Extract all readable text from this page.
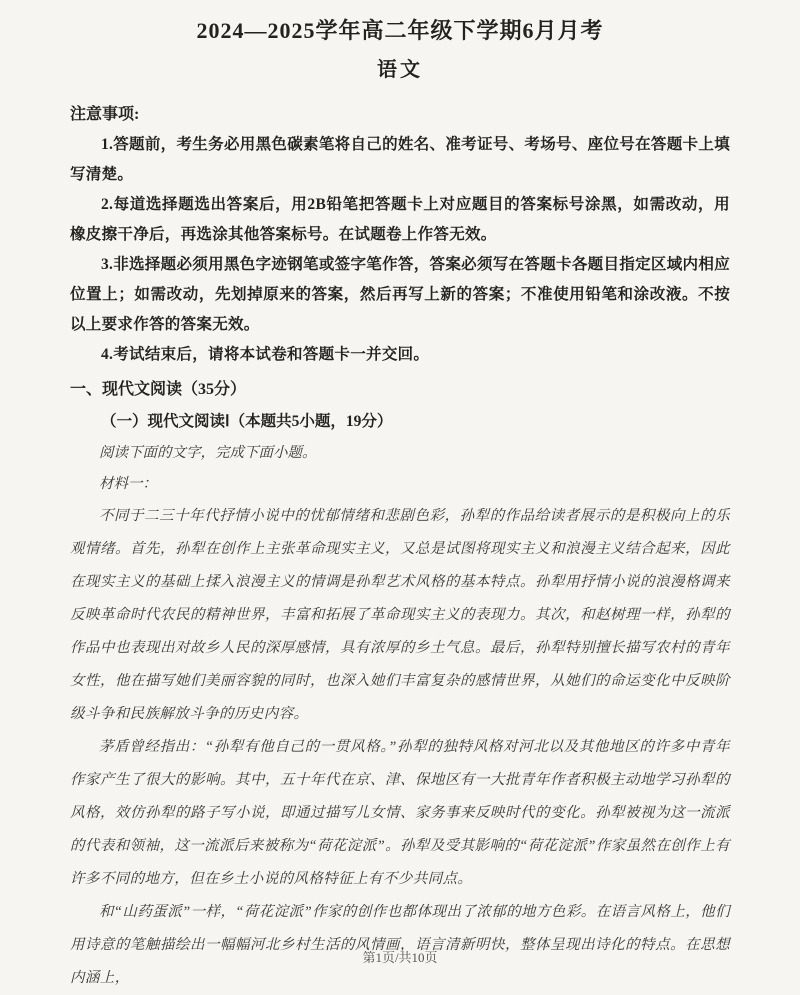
2024—2025学年高二年级下学期6月月考
语文
注意事项:

1.答题前，考生务必用黑色碳素笔将自己的姓名、准考证号、考场号、座位号在答题卡上填写清楚。

2.每道选择题选出答案后，用2B铅笔把答题卡上对应题目的答案标号涂黑，如需改动，用橡皮擦干净后，再选涂其他答案标号。在试题卷上作答无效。

3.非选择题必须用黑色字迹钢笔或签字笔作答，答案必须写在答题卡各题目指定区域内相应位置上；如需改动，先划掉原来的答案，然后再写上新的答案；不准使用铅笔和涂改液。不按以上要求作答的答案无效。

4.考试结束后，请将本试卷和答题卡一并交回。

一、现代文阅读（35分）
（一）现代文阅读Ⅰ（本题共5小题，19分）

阅读下面的文字，完成下面小题。

材料一：

不同于二三十年代抒情小说中的忧郁情绪和悲剧色彩，孙犁的作品给读者展示的是积极向上的乐观情绪。首先，孙犁在创作上主张革命现实主义，又总是试图将现实主义和浪漫主义结合起来，因此在现实主义的基础上揉入浪漫主义的情调是孙犁艺术风格的基本特点。孙犁用抒情小说的浪漫格调来反映革命时代农民的精神世界，丰富和拓展了革命现实主义的表现力。其次，和赵树理一样，孙犁的作品中也表现出对故乡人民的深厚感情，具有浓厚的乡土气息。最后，孙犁特别擅长描写农村的青年女性，他在描写她们美丽容貌的同时，也深入她们丰富复杂的感情世界，从她们的命运变化中反映阶级斗争和民族解放斗争的历史内容。

茅盾曾经指出：“孙犁有他自己的一贯风格。”孙犁的独特风格对河北以及其他地区的许多中青年作家产生了很大的影响。其中，五十年代在京、津、保地区有一大批青年作者积极主动地学习孙犁的风格，效仿孙犁的路子写小说，即通过描写儿女情、家务事来反映时代的变化。孙犁被视为这一流派的代表和领袖，这一流派后来被称为“荷花淀派”。孙犁及受其影响的“荷花淀派”作家虽然在创作上有许多不同的地方，但在乡土小说的风格特征上有不少共同点。

和“山药蛋派”一样，“荷花淀派”作家的创作也都体现出了浓郁的地方色彩。在语言风格上，他们用诗意的笔触描绘出一幅幅河北乡村生活的风情画，语言清新明快，整体呈现出诗化的特点。在思想内涵上，

第1页/共10页
